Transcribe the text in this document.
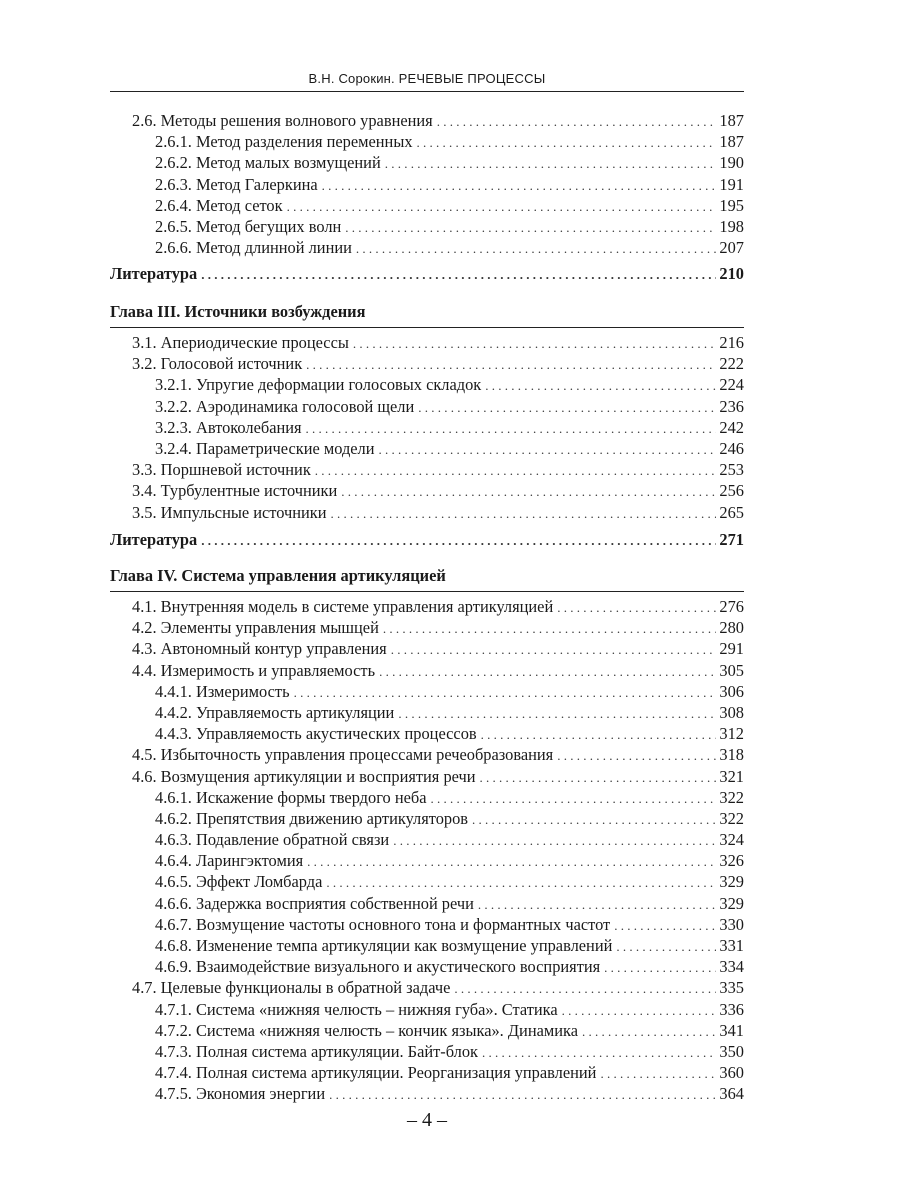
В.Н. Сорокин. РЕЧЕВЫЕ ПРОЦЕССЫ
2.6. Методы решения волнового уравнения . . .	187
2.6.1. Метод разделения переменных . . .	187
2.6.2. Метод малых возмущений . . .	190
2.6.3. Метод Галеркина . . .	191
2.6.4. Метод сеток . . .	195
2.6.5. Метод бегущих волн . . .	198
2.6.6. Метод длинной линии . . .	207
Литература . . .	210
Глава III. Источники возбуждения
3.1. Апериодические процессы . . .	216
3.2. Голосовой источник . . .	222
3.2.1. Упругие деформации голосовых складок . . .	224
3.2.2. Аэродинамика голосовой щели . . .	236
3.2.3. Автоколебания . . .	242
3.2.4. Параметрические модели . . .	246
3.3. Поршневой источник . . .	253
3.4. Турбулентные источники . . .	256
3.5. Импульсные источники . . .	265
Литература . . .	271
Глава IV. Система управления артикуляцией
4.1. Внутренняя модель в системе управления артикуляцией . . .	276
4.2. Элементы управления мышцей . . .	280
4.3. Автономный контур управления . . .	291
4.4. Измеримость и управляемость . . .	305
4.4.1. Измеримость . . .	306
4.4.2. Управляемость артикуляции . . .	308
4.4.3. Управляемость акустических процессов . . .	312
4.5. Избыточность управления процессами речеобразования . . .	318
4.6. Возмущения артикуляции и восприятия речи . . .	321
4.6.1. Искажение формы твердого неба . . .	322
4.6.2. Препятствия движению артикуляторов . . .	322
4.6.3. Подавление обратной связи . . .	324
4.6.4. Ларингэктомия . . .	326
4.6.5. Эффект Ломбарда . . .	329
4.6.6. Задержка восприятия собственной речи . . .	329
4.6.7. Возмущение частоты основного тона и формантных частот . . .	330
4.6.8. Изменение темпа артикуляции как возмущение управлений . . .	331
4.6.9. Взаимодействие визуального и акустического восприятия . . .	334
4.7. Целевые функционалы в обратной задаче . . .	335
4.7.1. Система «нижняя челюсть – нижняя губа». Статика . . .	336
4.7.2. Система «нижняя челюсть – кончик языка». Динамика . . .	341
4.7.3. Полная система артикуляции. Байт-блок . . .	350
4.7.4. Полная система артикуляции. Реорганизация управлений . . .	360
4.7.5. Экономия энергии . . .	364
– 4 –
